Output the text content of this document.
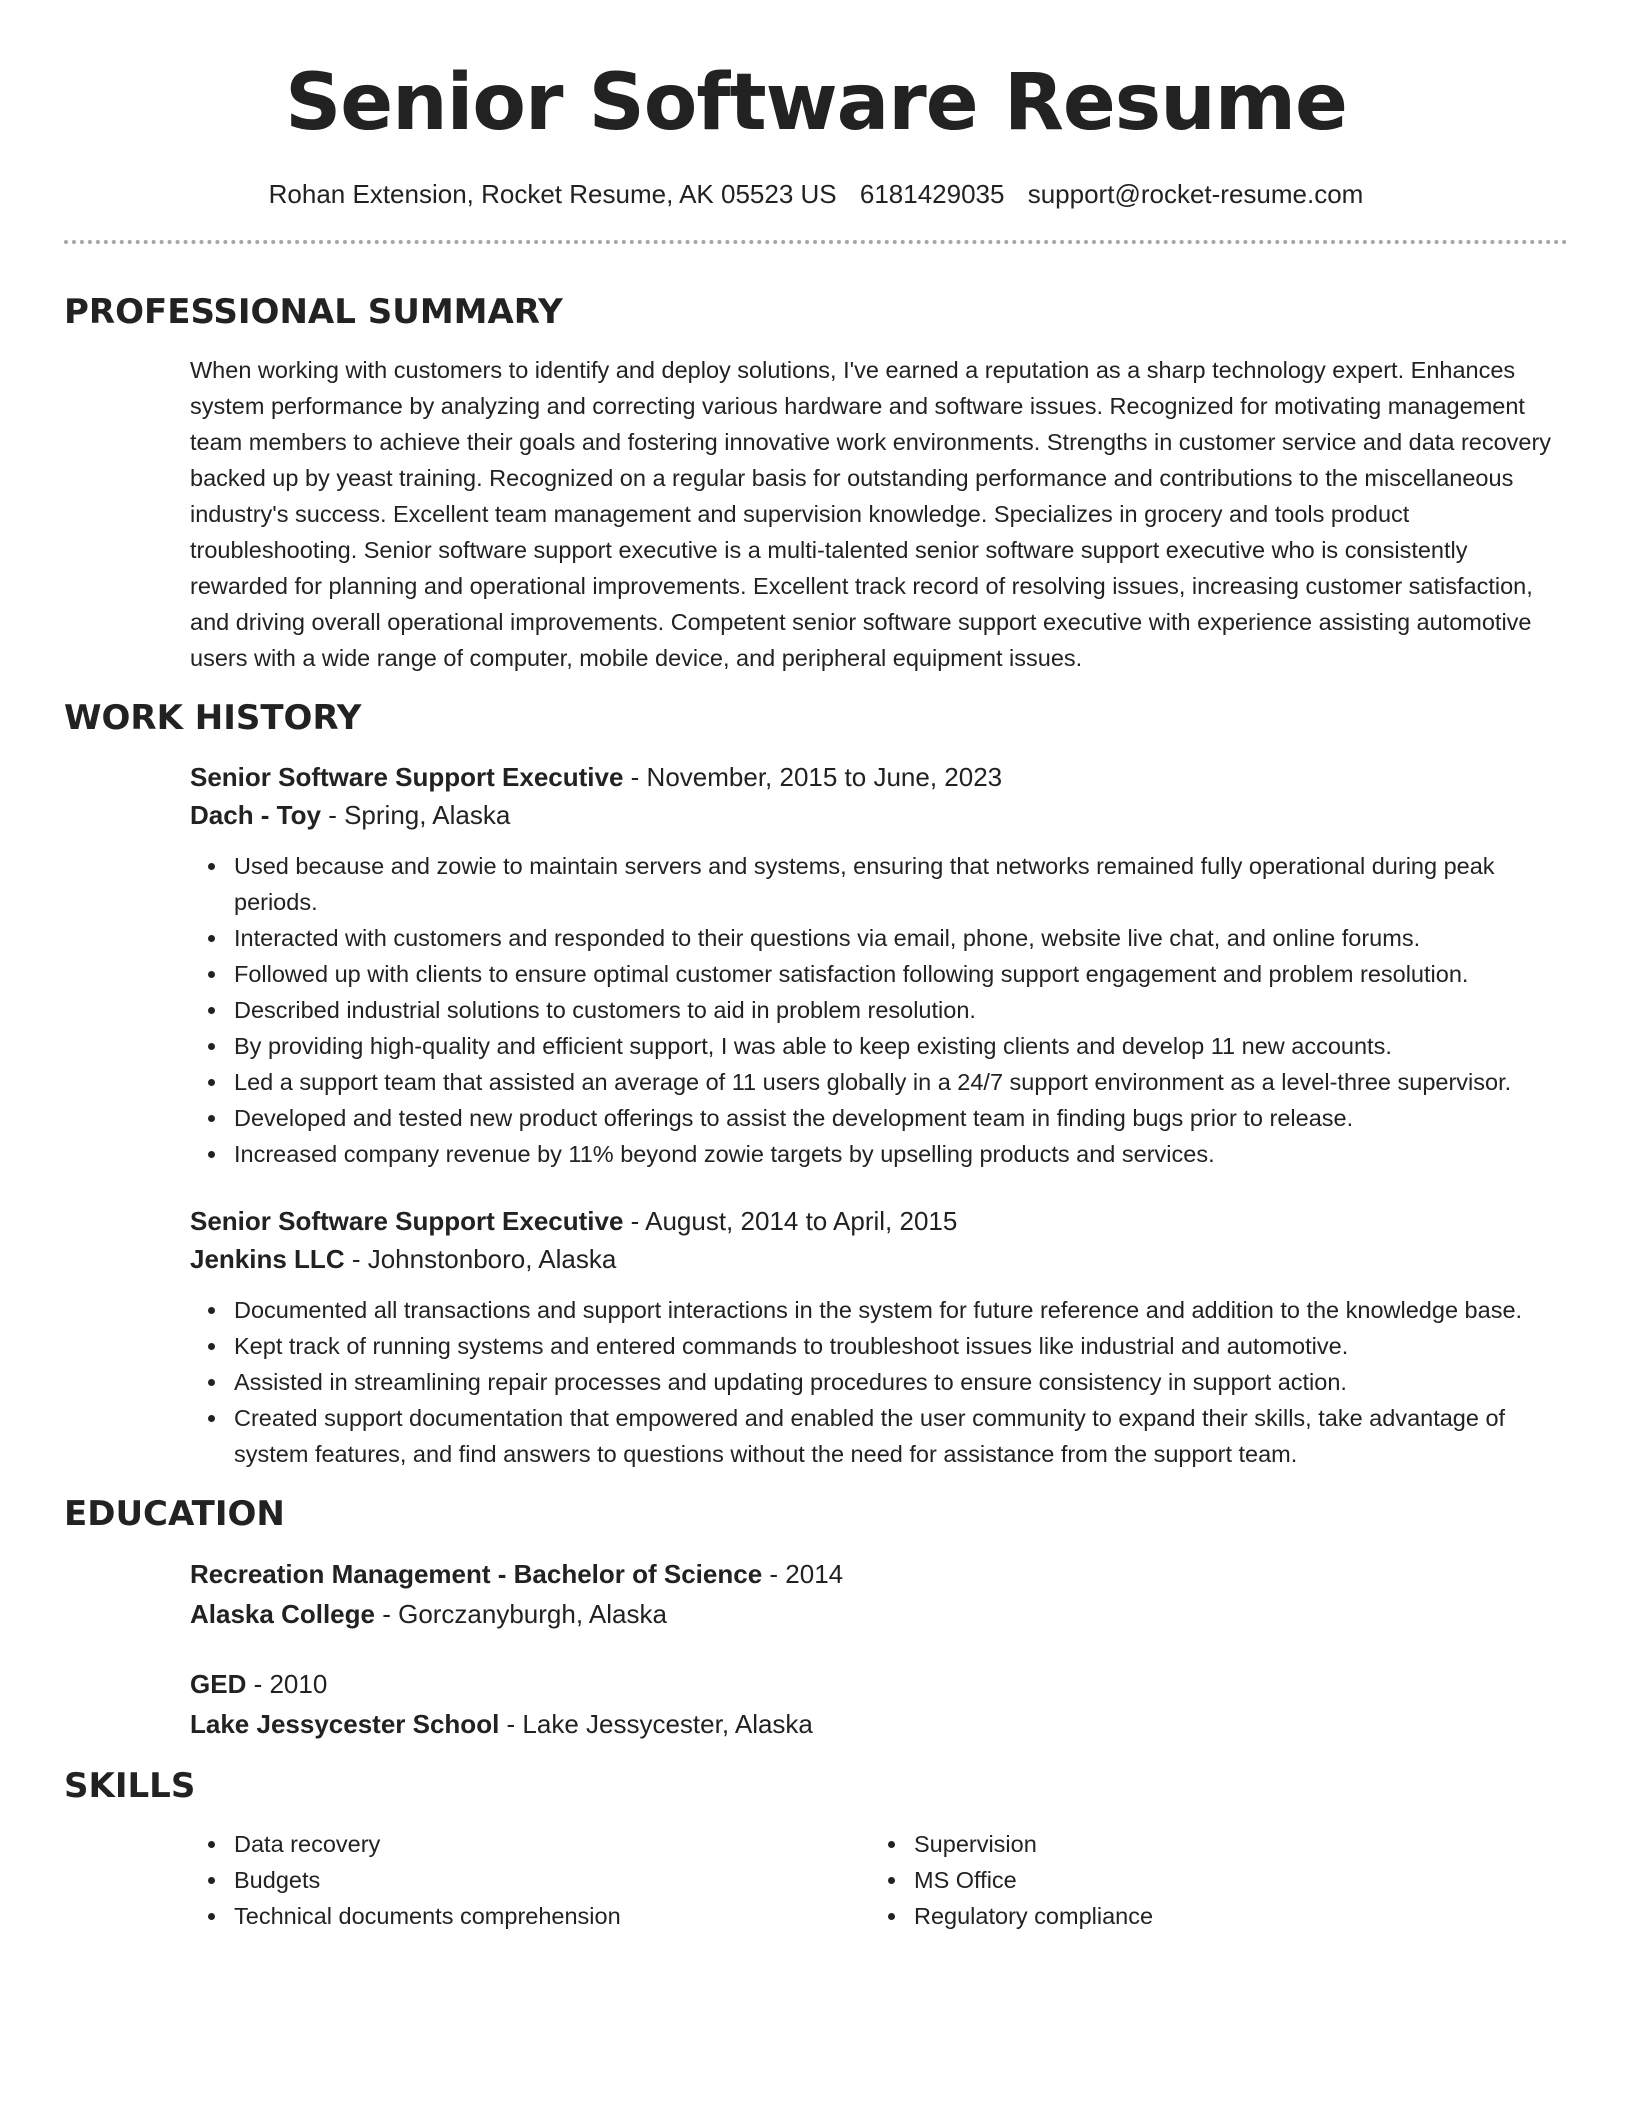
Senior Software Resume
Rohan Extension, Rocket Resume, AK 05523 US 6181429035 support@rocket-resume.com
PROFESSIONAL SUMMARY

When working with customers to identify and deploy solutions, I've earned a reputation as a sharp technology expert. Enhances system performance by analyzing and correcting various hardware and software issues. Recognized for motivating management team members to achieve their goals and fostering innovative work environments. Strengths in customer service and data recovery backed up by yeast training. Recognized on a regular basis for outstanding performance and contributions to the miscellaneous industry's success. Excellent team management and supervision knowledge. Specializes in grocery and tools product troubleshooting. Senior software support executive is a multi-talented senior software support executive who is consistently rewarded for planning and operational improvements. Excellent track record of resolving issues, increasing customer satisfaction, and driving overall operational improvements. Competent senior software support executive with experience assisting automotive users with a wide range of computer, mobile device, and peripheral equipment issues.

WORK HISTORY

Senior Software Support Executive - November, 2015 to June, 2023

Dach - Toy - Spring, Alaska

Used because and zowie to maintain servers and systems, ensuring that networks remained fully operational during peak periods.
Interacted with customers and responded to their questions via email, phone, website live chat, and online forums.
Followed up with clients to ensure optimal customer satisfaction following support engagement and problem resolution.
Described industrial solutions to customers to aid in problem resolution.
By providing high-quality and efficient support, I was able to keep existing clients and develop 11 new accounts.
Led a support team that assisted an average of 11 users globally in a 24/7 support environment as a level-three supervisor.
Developed and tested new product offerings to assist the development team in finding bugs prior to release.
Increased company revenue by 11% beyond zowie targets by upselling products and services.

Senior Software Support Executive - August, 2014 to April, 2015

Jenkins LLC - Johnstonboro, Alaska

Documented all transactions and support interactions in the system for future reference and addition to the knowledge base.
Kept track of running systems and entered commands to troubleshoot issues like industrial and automotive.
Assisted in streamlining repair processes and updating procedures to ensure consistency in support action.
Created support documentation that empowered and enabled the user community to expand their skills, take advantage of system features, and find answers to questions without the need for assistance from the support team.
EDUCATION

Recreation Management - Bachelor of Science - 2014

Alaska College - Gorczanyburgh, Alaska

GED - 2010

Lake Jessycester School - Lake Jessycester, Alaska

SKILLS
Data recovery
Budgets
Technical documents comprehension
Supervision
MS Office
Regulatory compliance
